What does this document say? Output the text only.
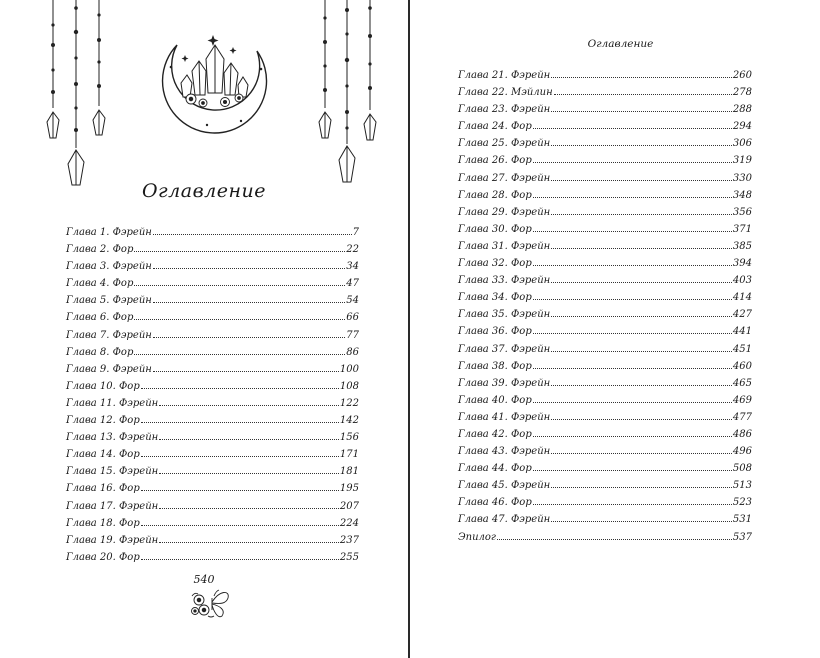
Оглавление
Глава 1. Фэрейн	7
Глава 2. Фор	22
Глава 3. Фэрейн	34
Глава 4. Фор	47
Глава 5. Фэрейн	54
Глава 6. Фор	66
Глава 7. Фэрейн	77
Глава 8. Фор	86
Глава 9. Фэрейн	100
Глава 10. Фор	108
Глава 11. Фэрейн	122
Глава 12. Фор	142
Глава 13. Фэрейн	156
Глава 14. Фор	171
Глава 15. Фэрейн	181
Глава 16. Фор	195
Глава 17. Фэрейн	207
Глава 18. Фор	224
Глава 19. Фэрейн	237
Глава 20. Фор	255
540
Оглавление
Глава 21. Фэрейн	260
Глава 22. Мэйлин	278
Глава 23. Фэрейн	288
Глава 24. Фор	294
Глава 25. Фэрейн	306
Глава 26. Фор	319
Глава 27. Фэрейн	330
Глава 28. Фор	348
Глава 29. Фэрейн	356
Глава 30. Фор	371
Глава 31. Фэрейн	385
Глава 32. Фор	394
Глава 33. Фэрейн	403
Глава 34. Фор	414
Глава 35. Фэрейн	427
Глава 36. Фор	441
Глава 37. Фэрейн	451
Глава 38. Фор	460
Глава 39. Фэрейн	465
Глава 40. Фор	469
Глава 41. Фэрейн	477
Глава 42. Фор	486
Глава 43. Фэрейн	496
Глава 44. Фор	508
Глава 45. Фэрейн	513
Глава 46. Фор	523
Глава 47. Фэрейн	531
Эпилог	537
